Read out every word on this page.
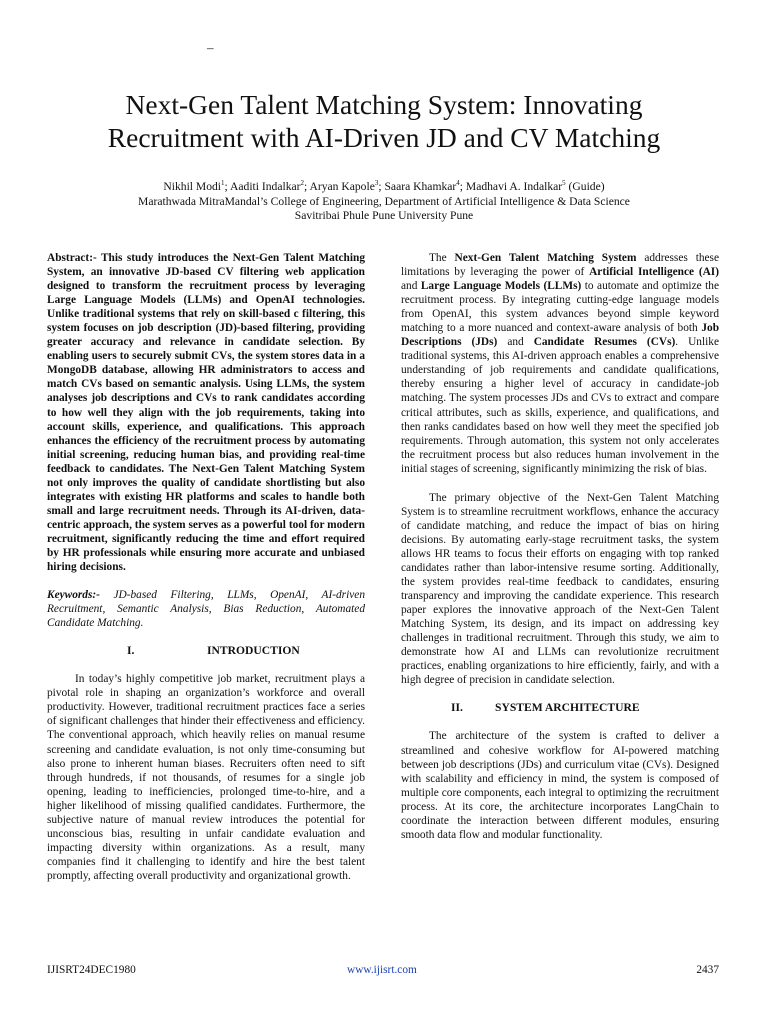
–
Next-Gen Talent Matching System: Innovating
Recruitment with AI-Driven JD and CV Matching
Nikhil Modi$^1$; Aaditi Indalkar$^2$; Aryan Kapole$^3$; Saara Khamkar$^4$; Madhavi A. Indalkar$^5$ (Guide)
Marathwada MitraMandal’s College of Engineering, Department of Artificial Intelligence & Data Science
Savitribai Phule Pune University Pune

Abstract:- This study introduces the Next-Gen Talent Matching System, an innovative JD-based CV filtering web application designed to transform the recruitment process by leveraging Large Language Models (LLMs) and OpenAI technologies. Unlike traditional systems that rely on skill-based c filtering, this system focuses on job description (JD)-based filtering, providing greater accuracy and relevance in candidate selection. By enabling users to securely submit CVs, the system stores data in a MongoDB database, allowing HR administrators to access and match CVs based on semantic analysis. Using LLMs, the system analyses job descriptions and CVs to rank candidates according to how well they align with the job requirements, taking into account skills, experience, and qualifications. This approach enhances the efficiency of the recruitment process by automating initial screening, reducing human bias, and providing real-time feedback to candidates. The Next-Gen Talent Matching System not only improves the quality of candidate shortlisting but also integrates with existing HR platforms and scales to handle both small and large recruitment needs. Through its AI-driven, data-centric approach, the system serves as a powerful tool for modern recruitment, significantly reducing the time and effort required by HR professionals while ensuring more accurate and unbiased hiring decisions.

Keywords:- JD-based Filtering, LLMs, OpenAI, AI-driven Recruitment, Semantic Analysis, Bias Reduction, Automated Candidate Matching.

I.	INTRODUCTION

In today’s highly competitive job market, recruitment plays a pivotal role in shaping an organization’s workforce and overall productivity. However, traditional recruitment practices face a series of significant challenges that hinder their effectiveness and efficiency. The conventional approach, which heavily relies on manual resume screening and candidate evaluation, is not only time-consuming but also prone to inherent human biases. Recruiters often need to sift through hundreds, if not thousands, of resumes for a single job opening, leading to inefficiencies, prolonged time-to-hire, and a higher likelihood of missing qualified candidates. Furthermore, the subjective nature of manual review introduces the potential for unconscious bias, resulting in unfair candidate evaluation and impacting diversity within organizations. As a result, many companies find it challenging to identify and hire the best talent promptly, affecting overall productivity and organizational growth.

The Next-Gen Talent Matching System addresses these limitations by leveraging the power of Artificial Intelligence (AI) and Large Language Models (LLMs) to automate and optimize the recruitment process. By integrating cutting-edge language models from OpenAI, this system advances beyond simple keyword matching to a more nuanced and context-aware analysis of both Job Descriptions (JDs) and Candidate Resumes (CVs). Unlike traditional systems, this AI-driven approach enables a comprehensive understanding of job requirements and candidate qualifications, thereby ensuring a higher level of accuracy in candidate-job matching. The system processes JDs and CVs to extract and compare critical attributes, such as skills, experience, and qualifications, and then ranks candidates based on how well they meet the specified job requirements. Through automation, this system not only accelerates the recruitment process but also reduces human involvement in the initial stages of screening, significantly minimizing the risk of bias.

The primary objective of the Next-Gen Talent Matching System is to streamline recruitment workflows, enhance the accuracy of candidate matching, and reduce the impact of bias on hiring decisions. By automating early-stage recruitment tasks, the system allows HR teams to focus their efforts on engaging with top ranked candidates rather than labor-intensive resume sorting. Additionally, the system provides real-time feedback to candidates, ensuring transparency and improving the candidate experience. This research paper explores the innovative approach of the Next-Gen Talent Matching System, its design, and its impact on addressing key challenges in traditional recruitment. Through this study, we aim to demonstrate how AI and LLMs can revolutionize recruitment practices, enabling organizations to hire efficiently, fairly, and with a high degree of precision in candidate selection.

II.	SYSTEM ARCHITECTURE

The architecture of the system is crafted to deliver a streamlined and cohesive workflow for AI-powered matching between job descriptions (JDs) and curriculum vitae (CVs). Designed with scalability and efficiency in mind, the system is composed of multiple core components, each integral to optimizing the recruitment process. At its core, the architecture incorporates LangChain to coordinate the interaction between different modules, ensuring smooth data flow and modular functionality.

IJISRT24DEC1980	www.ijisrt.com	2437
